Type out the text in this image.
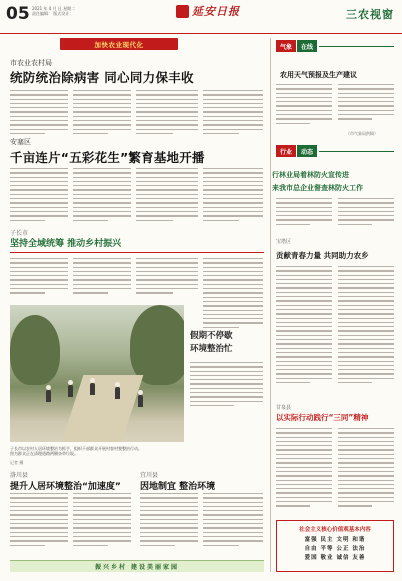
05 2021 年 4 月 日 星期二
责任编辑： 版式设计：	延安日报	三农视窗
加快农业现代化
市农业农村局
统防统治除病害 同心同力保丰收
安塞区
千亩连片“五彩花生”繁育基地开播
子长市
坚持全域统筹 推动乡村振兴
假期不停歇
环境整治忙
子长市以农村人居环境整治为抓手，组织干部群众开展村容村貌整治行动。
图为群众正在清理道路两侧杂草垃圾。
记者 摄
洛川县
提升人居环境整治“加速度”
宜川县
因地制宜 整治环境
振兴乡村 建设美丽家园
气象	在线
农用天气预报及生产建议
（市气象局供稿）
行业	动态
行林业局着林防火宣传进
来我市总企业督查林防火工作
宝塔区
贡献青春力量 共同助力农乡
甘泉县
以实际行动践行“三同”精神
社会主义核心价值观基本内容
富强 民主 文明 和谐
自由 平等 公正 法治
爱国 敬业 诚信 友善
